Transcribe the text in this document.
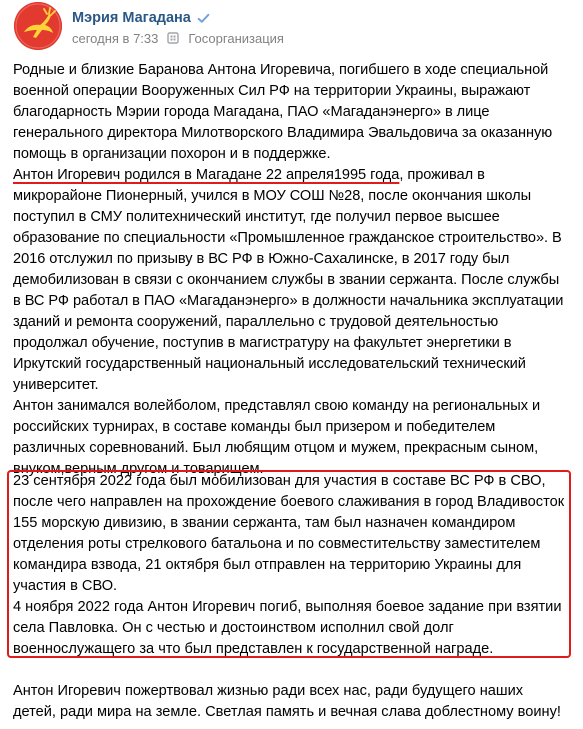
Мэрия Магадана
сегодня в 7:33 Госорганизация

Родные и близкие Баранова Антона Игоревича, погибшего в ходе специальной
военной операции Вооруженных Сил РФ на территории Украины, выражают
благодарность Мэрии города Магадана, ПАО «Магаданэнерго» в лице
генерального директора Милотворского Владимира Эвальдовича за оказанную
помощь в организации похорон и в поддержке.

Антон Игоревич родился в Магадане 22 апреля1995 года, проживал в
микрорайоне Пионерный, учился в МОУ СОШ №28, после окончания школы
поступил в СМУ политехнический институт, где получил первое высшее
образование по специальности «Промышленное гражданское строительство». В
2016 отслужил по призыву в ВС РФ в Южно-Сахалинске, в 2017 году был
демобилизован в связи с окончанием службы в звании сержанта. После службы
в ВС РФ работал в ПАО «Магаданэнерго» в должности начальника эксплуатации
зданий и ремонта сооружений, параллельно с трудовой деятельностью
продолжал обучение, поступив в магистратуру на факультет энергетики в
Иркутский государственный национальный исследовательский технический
университет.

Антон занимался волейболом, представлял свою команду на региональных и
российских турнирах, в составе команды был призером и победителем
различных соревнований. Был любящим отцом и мужем, прекрасным сыном,
внуком,верным другом и товарищем.

23 сентября 2022 года был мобилизован для участия в составе ВС РФ в СВО,
после чего направлен на прохождение боевого слаживания в город Владивосток
155 морскую дивизию, в звании сержанта, там был назначен командиром
отделения роты стрелкового батальона и по совместительству заместителем
командира взвода, 21 октября был отправлен на территорию Украины для
участия в СВО.

4 ноября 2022 года Антон Игоревич погиб, выполняя боевое задание при взятии
села Павловка. Он с честью и достоинством исполнил свой долг
военнослужащего за что был представлен к государственной награде.

Антон Игоревич пожертвовал жизнью ради всех нас, ради будущего наших
детей, ради мира на земле. Светлая память и вечная слава доблестному воину!
